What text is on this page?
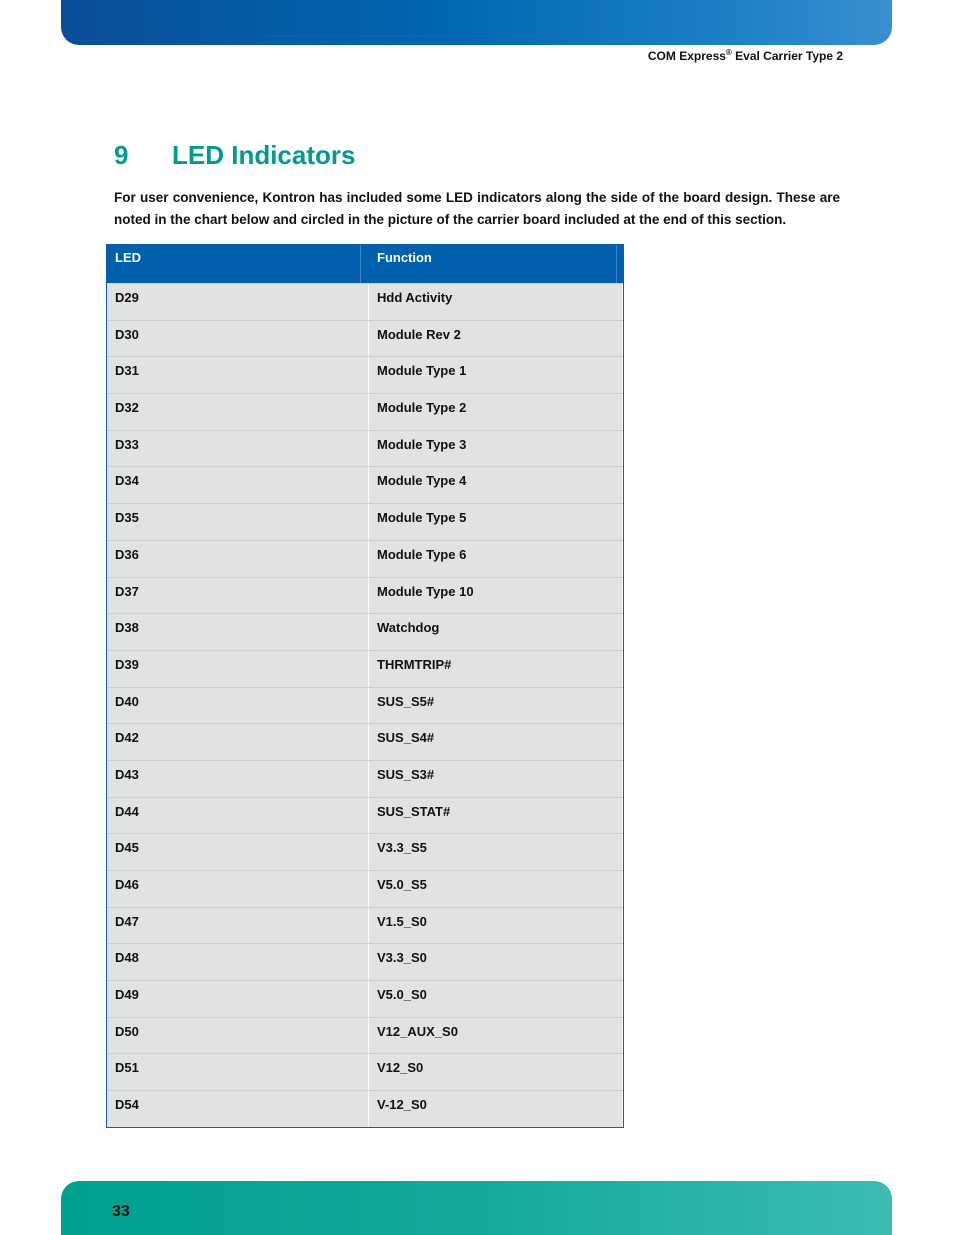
COM Express® Eval Carrier Type 2
9 LED Indicators
For user convenience, Kontron has included some LED indicators along the side of the board design. These are noted in the chart below and circled in the picture of the carrier board included at the end of this section.
LED	Function
D29	Hdd Activity
D30	Module Rev 2
D31	Module Type 1
D32	Module Type 2
D33	Module Type 3
D34	Module Type 4
D35	Module Type 5
D36	Module Type 6
D37	Module Type 10
D38	Watchdog
D39	THRMTRIP#
D40	SUS_S5#
D42	SUS_S4#
D43	SUS_S3#
D44	SUS_STAT#
D45	V3.3_S5
D46	V5.0_S5
D47	V1.5_S0
D48	V3.3_S0
D49	V5.0_S0
D50	V12_AUX_S0
D51	V12_S0
D54	V-12_S0
33
